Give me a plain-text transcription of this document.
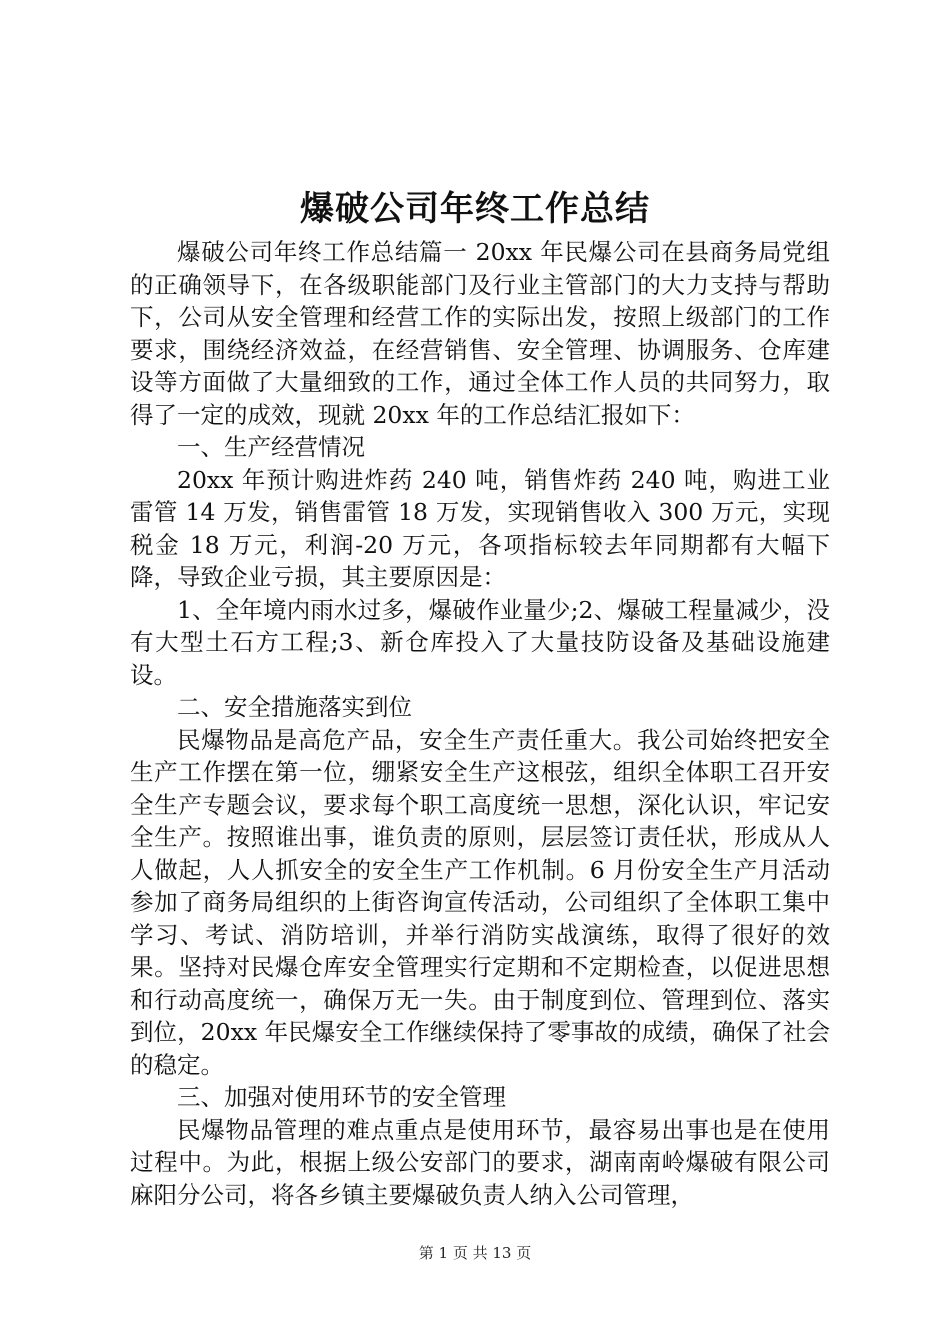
爆破公司年终工作总结

爆破公司年终工作总结篇一 20xx 年民爆公司在县商务局党组的正确领导下，在各级职能部门及行业主管部门的大力支持与帮助下，公司从安全管理和经营工作的实际出发，按照上级部门的工作要求，围绕经济效益，在经营销售、安全管理、协调服务、仓库建设等方面做了大量细致的工作，通过全体工作人员的共同努力，取得了一定的成效，现就 20xx 年的工作总结汇报如下：

一、生产经营情况

20xx 年预计购进炸药 240 吨，销售炸药 240 吨，购进工业雷管 14 万发，销售雷管 18 万发，实现销售收入 300 万元，实现税金 18 万元，利润-20 万元，各项指标较去年同期都有大幅下降，导致企业亏损，其主要原因是：

1、全年境内雨水过多，爆破作业量少;2、爆破工程量减少，没有大型土石方工程;3、新仓库投入了大量技防设备及基础设施建设。

二、安全措施落实到位

民爆物品是高危产品，安全生产责任重大。我公司始终把安全生产工作摆在第一位，绷紧安全生产这根弦，组织全体职工召开安全生产专题会议，要求每个职工高度统一思想，深化认识，牢记安全生产。按照谁出事，谁负责的原则，层层签订责任状，形成从人人做起，人人抓安全的安全生产工作机制。6 月份安全生产月活动参加了商务局组织的上街咨询宣传活动，公司组织了全体职工集中学习、考试、消防培训，并举行消防实战演练，取得了很好的效果。坚持对民爆仓库安全管理实行定期和不定期检查，以促进思想和行动高度统一，确保万无一失。由于制度到位、管理到位、落实到位，20xx 年民爆安全工作继续保持了零事故的成绩，确保了社会的稳定。

三、加强对使用环节的安全管理

民爆物品管理的难点重点是使用环节，最容易出事也是在使用过程中。为此，根据上级公安部门的要求，湖南南岭爆破有限公司麻阳分公司，将各乡镇主要爆破负责人纳入公司管理，

第 1 页 共 13 页
